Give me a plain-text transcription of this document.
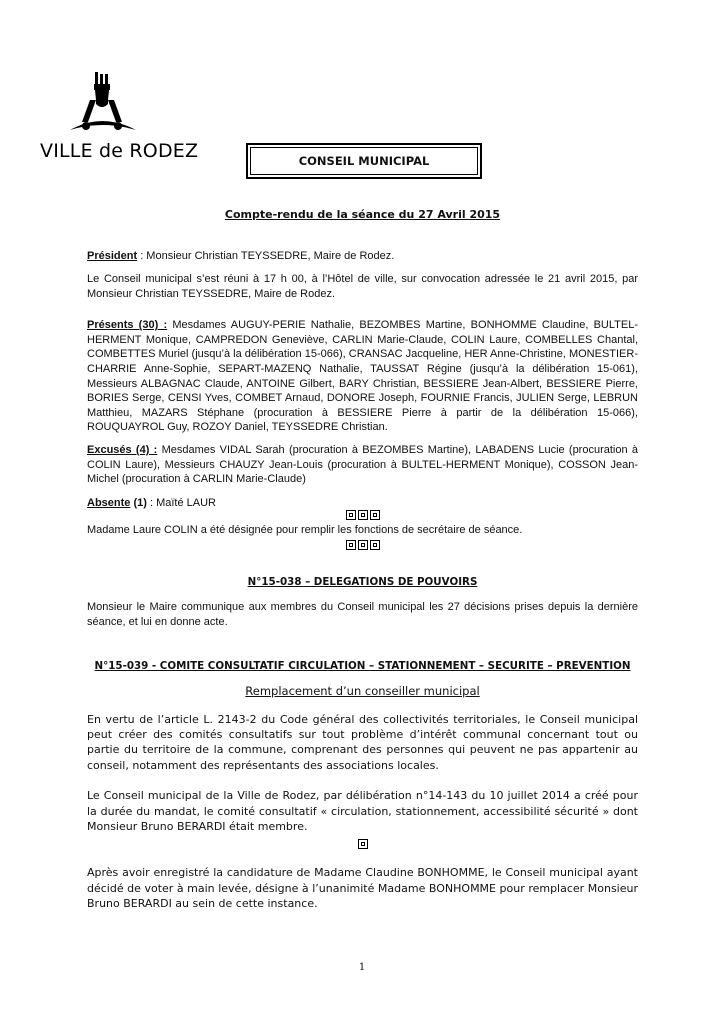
VILLE de RODEZ	CONSEIL MUNICIPAL
Compte-rendu de la séance du 27 Avril 2015

Président : Monsieur Christian TEYSSEDRE, Maire de Rodez.

Le Conseil municipal s’est réuni à 17 h 00, à l’Hôtel de ville, sur convocation adressée le 21 avril 2015, par Monsieur Christian TEYSSEDRE, Maire de Rodez.

Présents (30) : Mesdames AUGUY-PERIE Nathalie, BEZOMBES Martine, BONHOMME Claudine, BULTEL-HERMENT Monique, CAMPREDON Geneviève, CARLIN Marie-Claude, COLIN Laure, COMBELLES Chantal, COMBETTES Muriel (jusqu’à la délibération 15-066), CRANSAC Jacqueline, HER Anne-Christine, MONESTIER-CHARRIE Anne-Sophie, SEPART-MAZENQ Nathalie, TAUSSAT Régine (jusqu’à la délibération 15-061), Messieurs ALBAGNAC Claude, ANTOINE Gilbert, BARY Christian, BESSIERE Jean-Albert, BESSIERE Pierre, BORIES Serge, CENSI Yves, COMBET Arnaud, DONORE Joseph, FOURNIE Francis, JULIEN Serge, LEBRUN Matthieu, MAZARS Stéphane (procuration à BESSIERE Pierre à partir de la délibération 15-066), ROUQUAYROL Guy, ROZOY Daniel, TEYSSEDRE Christian.

Excusés (4) : Mesdames VIDAL Sarah (procuration à BEZOMBES Martine), LABADENS Lucie (procuration à COLIN Laure), Messieurs CHAUZY Jean-Louis (procuration à BULTEL-HERMENT Monique), COSSON Jean-Michel (procuration à CARLIN Marie-Claude)

Absente (1) : Maïté LAUR

Madame Laure COLIN a été désignée pour remplir les fonctions de secrétaire de séance.

N°15-038 – DELEGATIONS DE POUVOIRS

Monsieur le Maire communique aux membres du Conseil municipal les 27 décisions prises depuis la dernière séance, et lui en donne acte.

N°15-039 - COMITE CONSULTATIF CIRCULATION – STATIONNEMENT – SECURITE – PREVENTION
Remplacement d’un conseiller municipal

En vertu de l’article L. 2143-2 du Code général des collectivités territoriales, le Conseil municipal peut créer des comités consultatifs sur tout problème d’intérêt communal concernant tout ou partie du territoire de la commune, comprenant des personnes qui peuvent ne pas appartenir au conseil, notamment des représentants des associations locales.

Le Conseil municipal de la Ville de Rodez, par délibération n°14-143 du 10 juillet 2014 a créé pour la durée du mandat, le comité consultatif « circulation, stationnement, accessibilité sécurité » dont Monsieur Bruno BERARDI était membre.

Après avoir enregistré la candidature de Madame Claudine BONHOMME, le Conseil municipal ayant décidé de voter à main levée, désigne à l’unanimité Madame BONHOMME pour remplacer Monsieur Bruno BERARDI au sein de cette instance.

1
